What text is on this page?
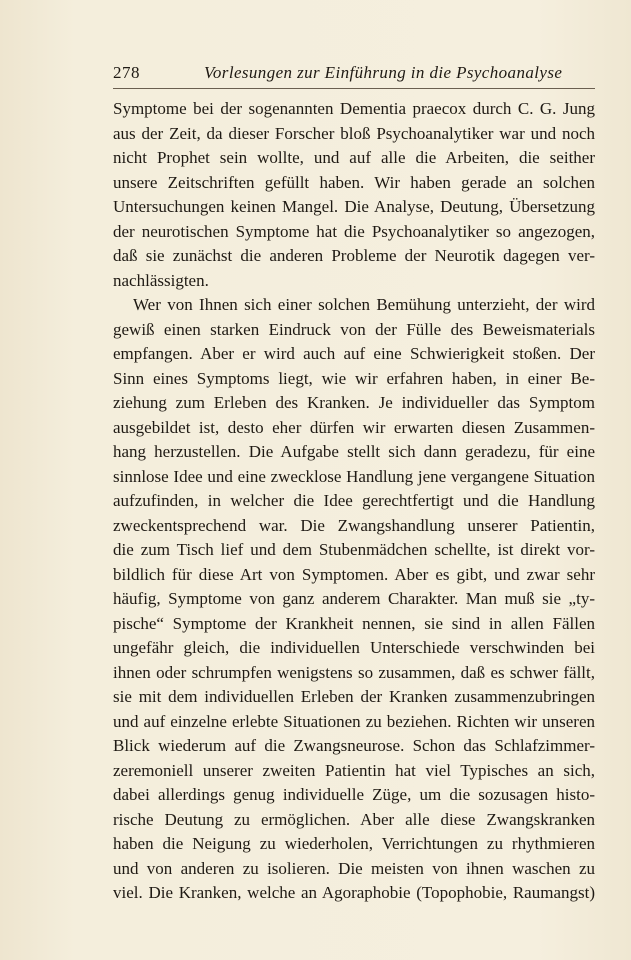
278	Vorlesungen zur Einführung in die Psychoanalyse
Symptome bei der sogenannten Dementia praecox durch C. G. Jung
aus der Zeit, da dieser Forscher bloß Psychoanalytiker war und noch
nicht Prophet sein wollte, und auf alle die Arbeiten, die seither
unsere Zeitschriften gefüllt haben. Wir haben gerade an solchen
Untersuchungen keinen Mangel. Die Analyse, Deutung, Übersetzung
der neurotischen Symptome hat die Psychoanalytiker so angezogen,
daß sie zunächst die anderen Probleme der Neurotik dagegen ver-
nachlässigten.
Wer von Ihnen sich einer solchen Bemühung unterzieht, der wird
gewiß einen starken Eindruck von der Fülle des Beweismaterials
empfangen. Aber er wird auch auf eine Schwierigkeit stoßen. Der
Sinn eines Symptoms liegt, wie wir erfahren haben, in einer Be-
ziehung zum Erleben des Kranken. Je individueller das Symptom
ausgebildet ist, desto eher dürfen wir erwarten diesen Zusammen-
hang herzustellen. Die Aufgabe stellt sich dann geradezu, für eine
sinnlose Idee und eine zwecklose Handlung jene vergangene Situation
aufzufinden, in welcher die Idee gerechtfertigt und die Handlung
zweckentsprechend war. Die Zwangshandlung unserer Patientin,
die zum Tisch lief und dem Stubenmädchen schellte, ist direkt vor-
bildlich für diese Art von Symptomen. Aber es gibt, und zwar sehr
häufig, Symptome von ganz anderem Charakter. Man muß sie „ty-
pische“ Symptome der Krankheit nennen, sie sind in allen Fällen
ungefähr gleich, die individuellen Unterschiede verschwinden bei
ihnen oder schrumpfen wenigstens so zusammen, daß es schwer fällt,
sie mit dem individuellen Erleben der Kranken zusammenzubringen
und auf einzelne erlebte Situationen zu beziehen. Richten wir unseren
Blick wiederum auf die Zwangsneurose. Schon das Schlafzimmer-
zeremoniell unserer zweiten Patientin hat viel Typisches an sich,
dabei allerdings genug individuelle Züge, um die sozusagen histo-
rische Deutung zu ermöglichen. Aber alle diese Zwangskranken
haben die Neigung zu wiederholen, Verrichtungen zu rhythmieren
und von anderen zu isolieren. Die meisten von ihnen waschen zu
viel. Die Kranken, welche an Agoraphobie (Topophobie, Raumangst)
